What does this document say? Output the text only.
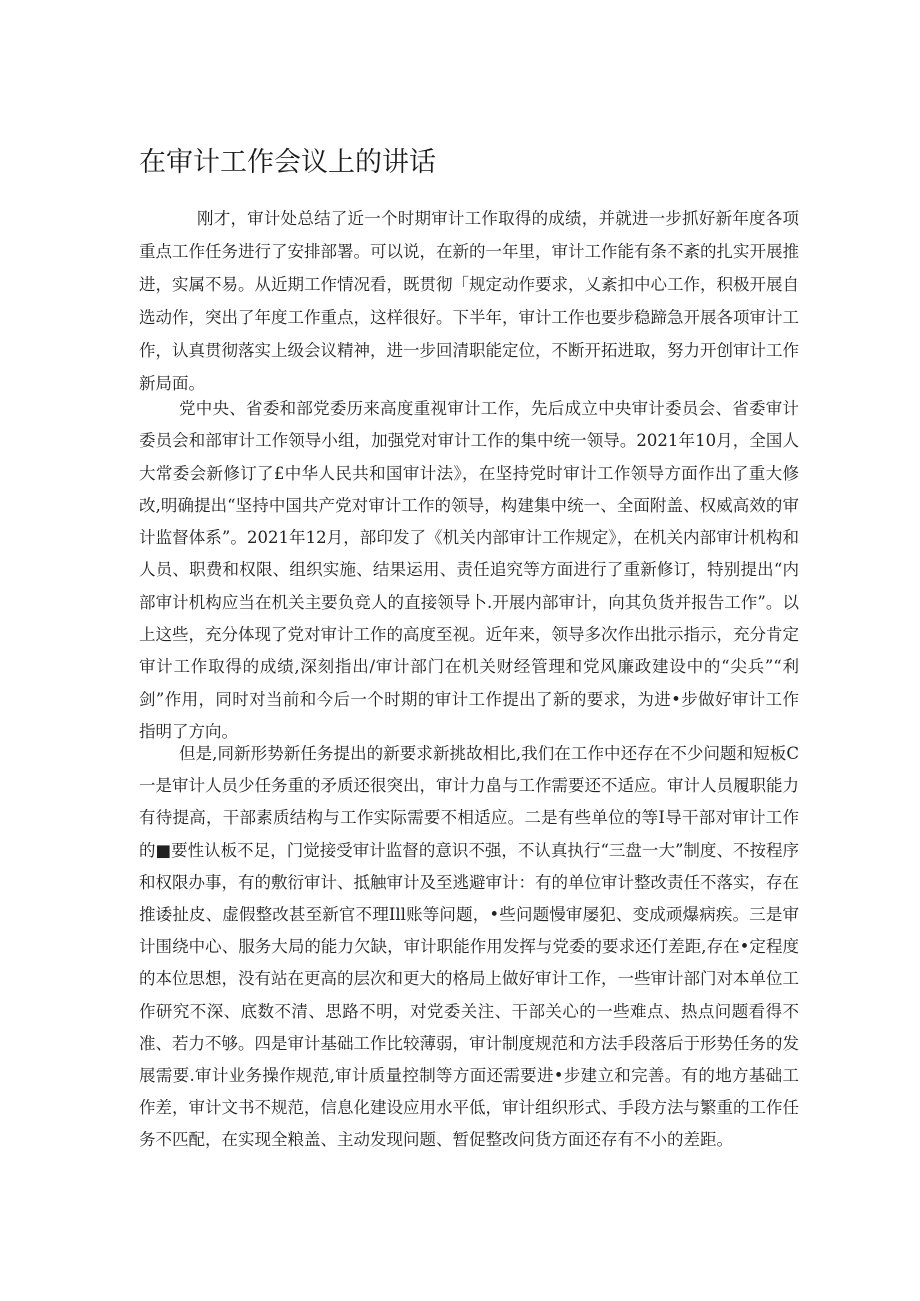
在审计工作会议上的讲话

刚才，审计处总结了近一个时期审计工作取得的成绩，并就进一步抓好新年度各项重点工作任务进行了安排部署。可以说，在新的一年里，审计工作能有条不紊的扎实开展推进，实属不易。从近期工作情况看，既贯彻「规定动作要求，乂紊扣中心工作，积极开展自选动作，突出了年度工作重点，这样很好。下半年，审计工作也要步稳蹄急开展各项审计工作，认真贯彻落实上级会议精神，进一步回清职能定位，不断开拓进取，努力开创审计工作新局面。

党中央、省委和部党委历来高度重视审计工作，先后成立中央审计委员会、省委审计委员会和部审计工作领导小组，加强党对审计工作的集中统一领导。2021年10月，全国人大常委会新修订了£中华人民共和国审计法》，在坚持党时审计工作领导方面作出了重大修改,明确提出“坚持中国共产党对审计工作的领导，构建集中统一、全面附盖、权威高效的审计监督体系”。2021年12月，部印发了《机关内部审计工作规定》，在机关内部审计机构和人员、职费和权限、组织实施、结果运用、责任追究等方面进行了重新修订，特别提出“内部审计机构应当在机关主要负竞人的直接领导卜.开展内部审计，向其负货并报告工作”。以上这些，充分体现了党对审计工作的高度至视。近年来，领导多次作出批示指示，充分肯定审计工作取得的成绩,深刻指出/审计部门在机关财经管理和党风廉政建设中的“尖兵”“利剑”作用，同时对当前和今后一个时期的审计工作提出了新的要求，为进•步做好审计工作指明了方向。

但是,同新形势新任务提出的新要求新挑故相比,我们在工作中还存在不少问题和短板C一是审计人员少任务重的矛质还很突出，审计力畠与工作需要还不适应。审计人员履职能力有待提高，干部素质结构与工作实际需要不相适应。二是有些单位的等I导干部对审计工作的■要性认板不足，门觉接受审计监督的意识不强，不认真执行“三盘一大”制度、不按程序和权限办事，有的敷衍审计、抵触审计及至逃避审计：有的单位审计整改责任不落实，存在推诿扯皮、虚假整改甚至新官不理Ill账等问题，•些问题慢审屡犯、变成顽爆病疾。三是审计围绕中心、服务大局的能力欠缺，审计职能作用发挥与党委的要求还仃差距,存在•定程度的本位思想，没有站在更高的层次和更大的格局上做好审计工作，一些审计部门对本单位工作研究不深、底数不清、思路不明，对党委关注、干部关心的一些难点、热点问题看得不准、若力不够。四是审计基础工作比较薄弱，审计制度规范和方法手段落后于形势任务的发展需要.审计业务操作规范,审计质量控制等方面还需要进•步建立和完善。有的地方基础工作差，审计文书不规范，信息化建设应用水平低，审计组织形式、手段方法与繁重的工作任务不匹配，在实现全粮盖、主动发现问题、暂促整改问货方面还存有不小的差距。
